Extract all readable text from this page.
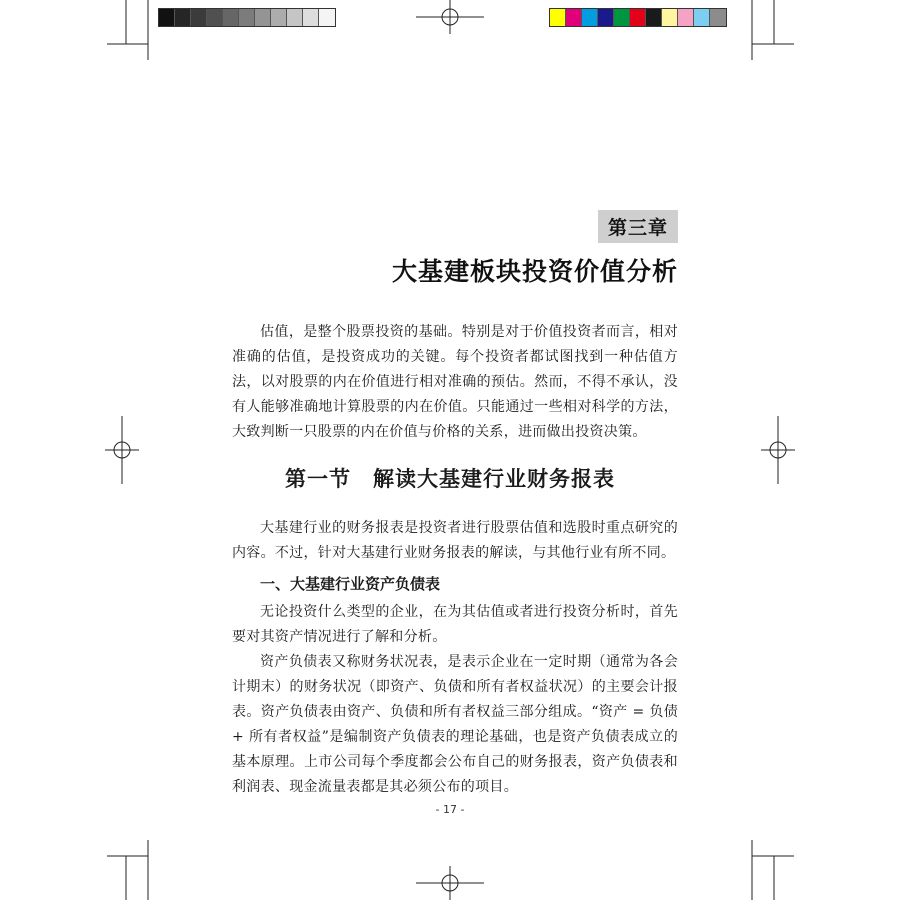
第三章
大基建板块投资价值分析

估值，是整个股票投资的基础。特别是对于价值投资者而言，相对准确的估值，是投资成功的关键。每个投资者都试图找到一种估值方法，以对股票的内在价值进行相对准确的预估。然而，不得不承认，没有人能够准确地计算股票的内在价值。只能通过一些相对科学的方法，大致判断一只股票的内在价值与价格的关系，进而做出投资决策。

第一节 解读大基建行业财务报表

大基建行业的财务报表是投资者进行股票估值和选股时重点研究的内容。不过，针对大基建行业财务报表的解读，与其他行业有所不同。

一、大基建行业资产负债表

无论投资什么类型的企业，在为其估值或者进行投资分析时，首先要对其资产情况进行了解和分析。

资产负债表又称财务状况表，是表示企业在一定时期（通常为各会计期末）的财务状况（即资产、负债和所有者权益状况）的主要会计报表。资产负债表由资产、负债和所有者权益三部分组成。“资产 = 负债 + 所有者权益”是编制资产负债表的理论基础，也是资产负债表成立的基本原理。上市公司每个季度都会公布自己的财务报表，资产负债表和利润表、现金流量表都是其必须公布的项目。

- 17 -
